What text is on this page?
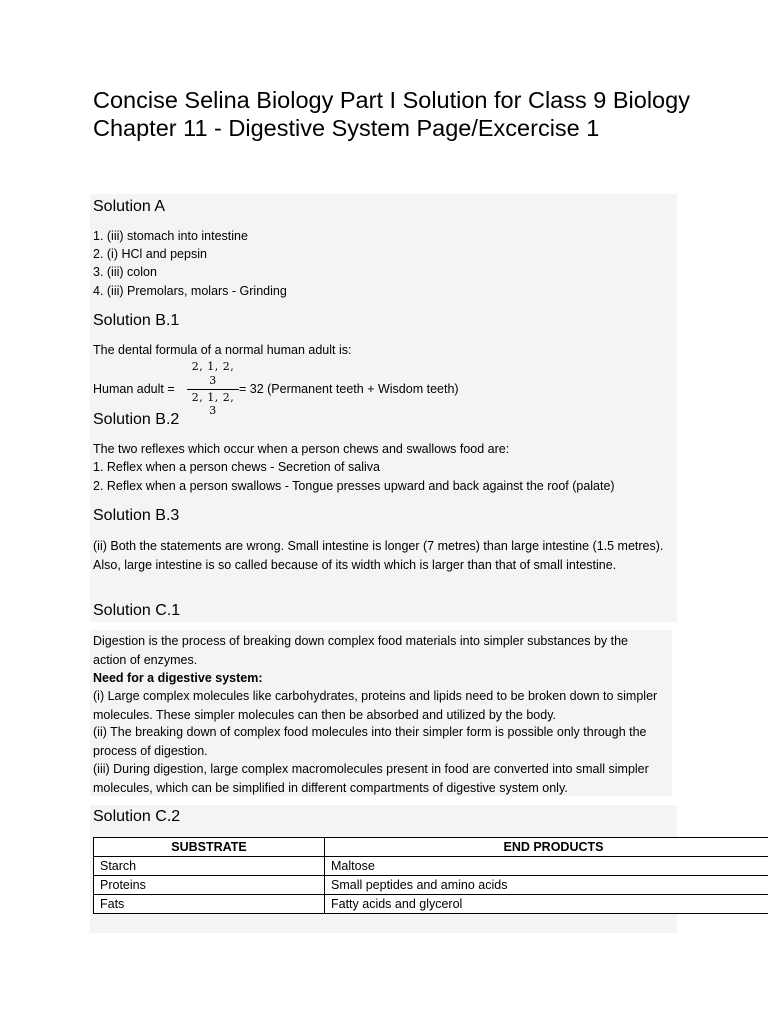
Concise Selina Biology Part I Solution for Class 9 Biology Chapter 11 - Digestive System Page/Excercise 1
Solution A

1. (iii) stomach into intestine

2. (i) HCl and pepsin

3. (iii) colon

4. (iii) Premolars, molars - Grinding

Solution B.1

The dental formula of a normal human adult is:

Human adult =

2, 1, 2, 3
2, 1, 2, 3

= 32 (Permanent teeth + Wisdom teeth)

Solution B.2

The two reflexes which occur when a person chews and swallows food are:

1. Reflex when a person chews - Secretion of saliva

2. Reflex when a person swallows - Tongue presses upward and back against the roof (palate)

Solution B.3

(ii) Both the statements are wrong. Small intestine is longer (7 metres) than large intestine (1.5 metres). Also, large intestine is so called because of its width which is larger than that of small intestine.

Solution C.1

Digestion is the process of breaking down complex food materials into simpler substances by the action of enzymes.

Need for a digestive system:

(i) Large complex molecules like carbohydrates, proteins and lipids need to be broken down to simpler molecules. These simpler molecules can then be absorbed and utilized by the body.

(ii) The breaking down of complex food molecules into their simpler form is possible only through the process of digestion.

(iii) During digestion, large complex macromolecules present in food are converted into small simpler molecules, which can be simplified in different compartments of digestive system only.

Solution C.2
SUBSTRATE	END PRODUCTS
Starch	Maltose
Proteins	Small peptides and amino acids
Fats	Fatty acids and glycerol
